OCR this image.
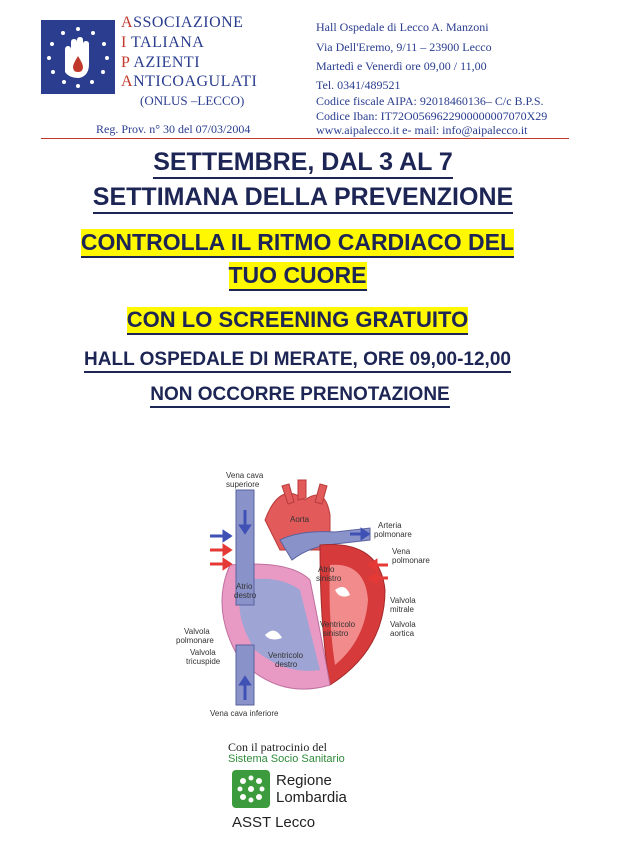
ASSOCIAZIONE
I TALIANA
P AZIENTI
ANTICOAGULATI
(ONLUS –LECCO)
Hall Ospedale di Lecco A. Manzoni
Via Dell'Eremo, 9/11 – 23900 Lecco
Martedì e Venerdì ore 09,00 / 11,00
Tel. 0341/489521
Codice fiscale AIPA: 92018460136– C/c B.P.S.
Codice Iban: IT72O0569622900000007070X29
www.aipalecco.it e- mail: info@aipalecco.it
Reg. Prov. n° 30 del 07/03/2004
SETTEMBRE, DAL 3 AL 7
SETTIMANA DELLA PREVENZIONE
CONTROLLA IL RITMO CARDIACO DEL
TUO CUORE
CON LO SCREENING GRATUITO
HALL OSPEDALE DI MERATE, ORE 09,00-12,00
NON OCCORRE PRENOTAZIONE
Vena cava
superiore
Aorta
Arteria
polmonare
Vena
polmonare
Atrio
sinistro
Atrio
destro
Valvola
mitrale
Valvola
aortica
Ventricolo
sinistro
Valvola
polmonare
Valvola
tricuspide
Ventricolo
destro
Vena cava inferiore
Con il patrocinio del
Sistema Socio Sanitario
Regione
Lombardia
ASST Lecco
